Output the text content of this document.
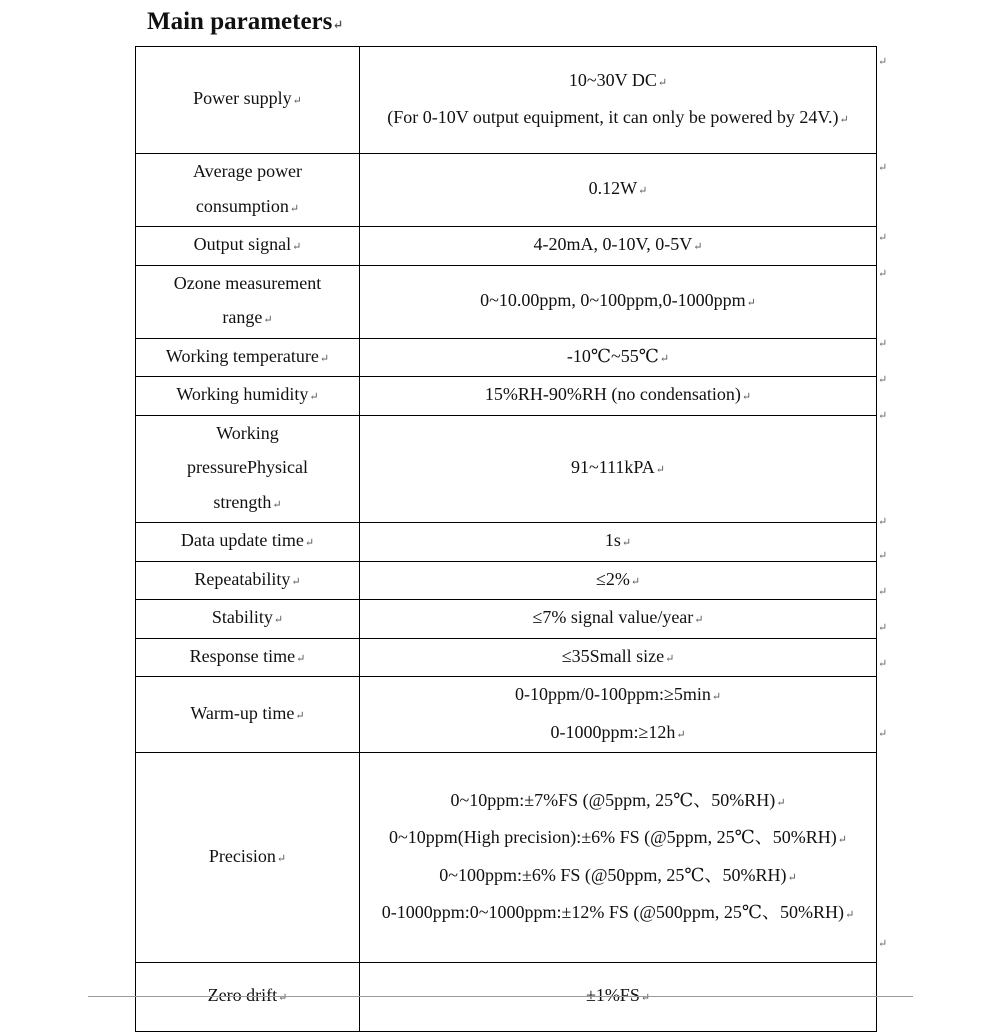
Main parameters↵
Power supply↵	10~30V DC↵
(For 0-10V output equipment, it can only be powered by 24V.)↵
Average power
consumption↵	0.12W↵
Output signal↵	4-20mA, 0-10V, 0-5V↵
Ozone measurement
range↵	0~10.00ppm, 0~100ppm,0-1000ppm↵
Working temperature↵	-10℃~55℃↵
Working humidity↵	15%RH-90%RH (no condensation)↵
Working
pressurePhysical
strength↵	91~111kPA↵
Data update time↵	1s↵
Repeatability↵	≤2%↵
Stability↵	≤7% signal value/year↵
Response time↵	≤35Small size↵
Warm-up time↵	0-10ppm/0-100ppm:≥5min↵
0-1000ppm:≥12h↵
Precision↵	0~10ppm:±7%FS (@5ppm, 25℃、50%RH)↵
0~10ppm(High precision):±6% FS (@5ppm, 25℃、50%RH)↵
0~100ppm:±6% FS (@50ppm, 25℃、50%RH)↵
0-1000ppm:0~1000ppm:±12% FS (@500ppm, 25℃、50%RH)↵
Zero drift↵	±1%FS↵
↵
↵
↵
↵
↵
↵
↵
↵
↵
↵
↵
↵
↵
↵
